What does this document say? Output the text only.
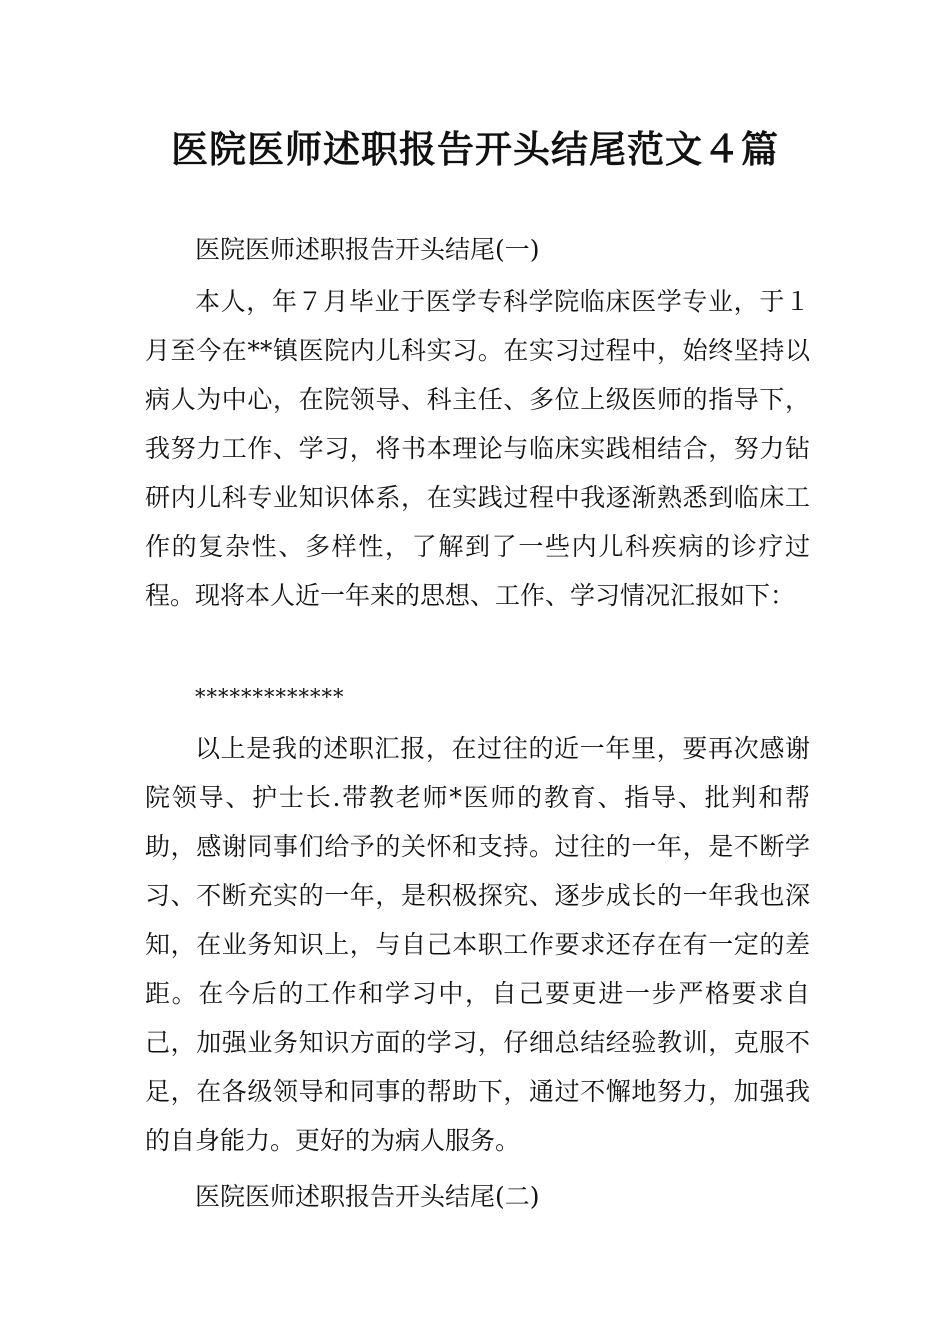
医院医师述职报告开头结尾范文４篇

医院医师述职报告开头结尾(一)

本人，年７月毕业于医学专科学院临床医学专业，于１月至今在**镇医院内儿科实习。在实习过程中，始终坚持以病人为中心，在院领导、科主任、多位上级医师的指导下，我努力工作、学习，将书本理论与临床实践相结合，努力钻研内儿科专业知识体系，在实践过程中我逐渐熟悉到临床工作的复杂性、多样性，了解到了一些内儿科疾病的诊疗过程。现将本人近一年来的思想、工作、学习情况汇报如下：

*************

以上是我的述职汇报，在过往的近一年里，要再次感谢院领导、护士长.带教老师*医师的教育、指导、批判和帮助，感谢同事们给予的关怀和支持。过往的一年，是不断学习、不断充实的一年，是积极探究、逐步成长的一年我也深知，在业务知识上，与自己本职工作要求还存在有一定的差距。在今后的工作和学习中，自己要更进一步严格要求自己，加强业务知识方面的学习，仔细总结经验教训，克服不足，在各级领导和同事的帮助下，通过不懈地努力，加强我的自身能力。更好的为病人服务。

医院医师述职报告开头结尾(二)
